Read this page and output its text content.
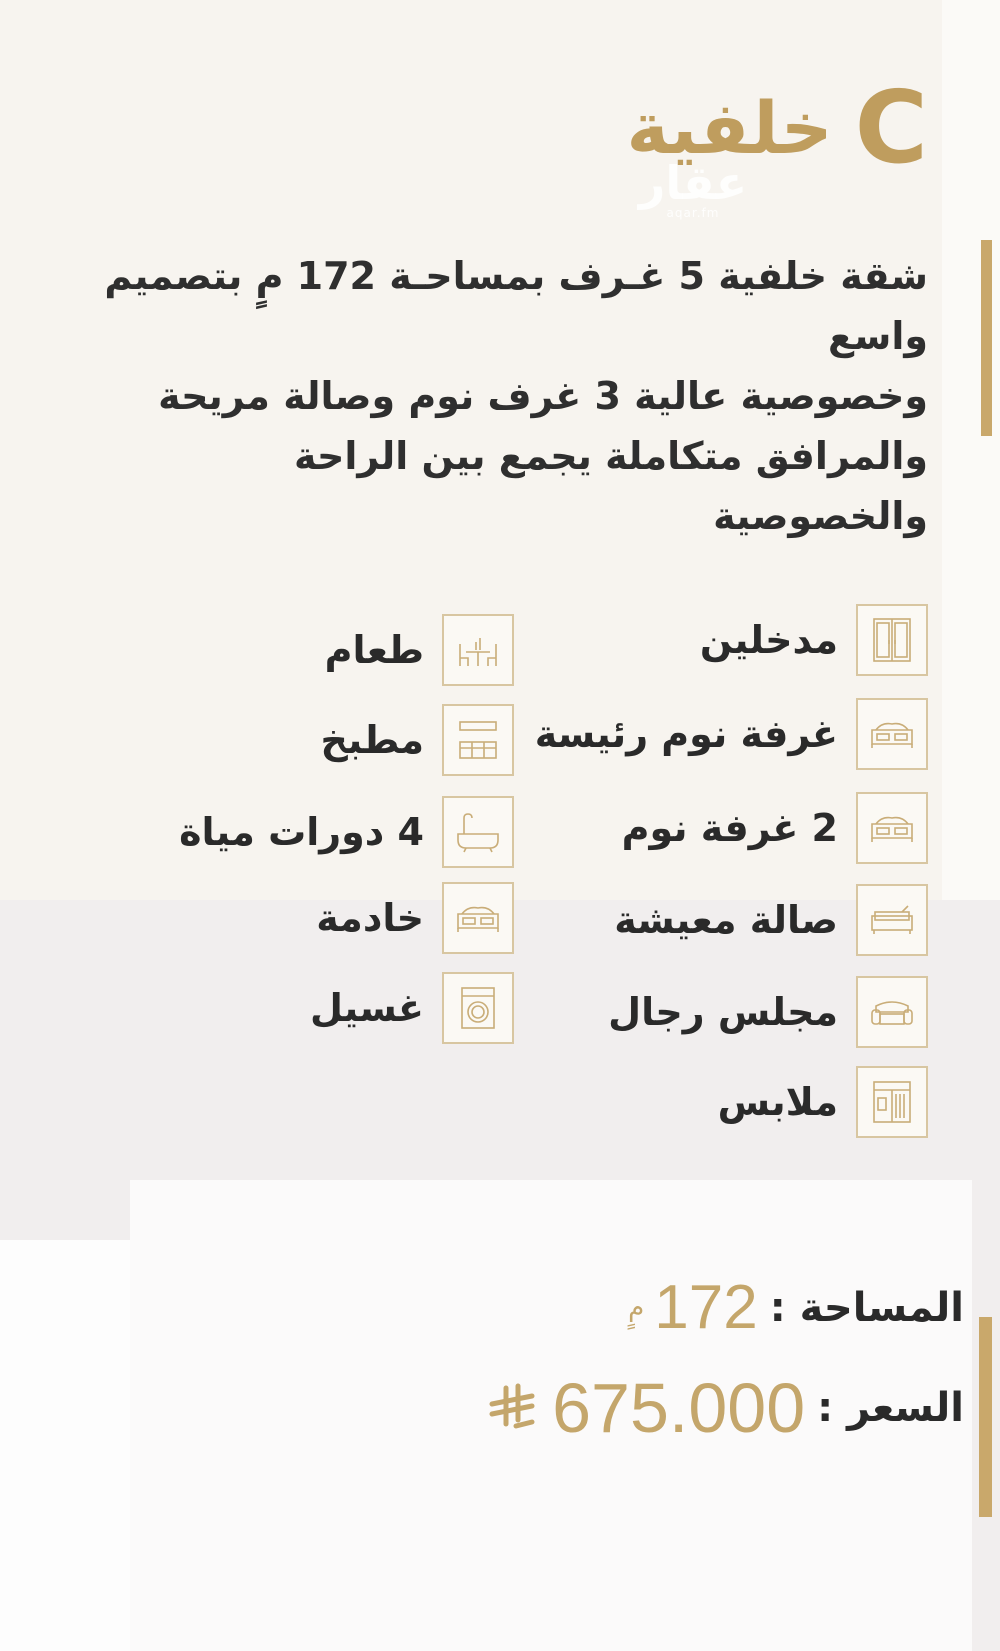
C
خلفية
عقار
aqar.fm
شقة خلفية 5 غـرف بمساحـة 172 مٍ بتصميم واسع
وخصوصية عالية 3 غرف نوم وصالة مريحة
والمرافق متكاملة يجمع بين الراحة
والخصوصية
مدخلين
غرفة نوم رئيسة
2 غرفة نوم
صالة معيشة
مجلس رجال
ملابس
طعام
مطبخ
4 دورات مياة
خادمة
غسيل
المساحة :
172
مٍ
السعر :
675.000
